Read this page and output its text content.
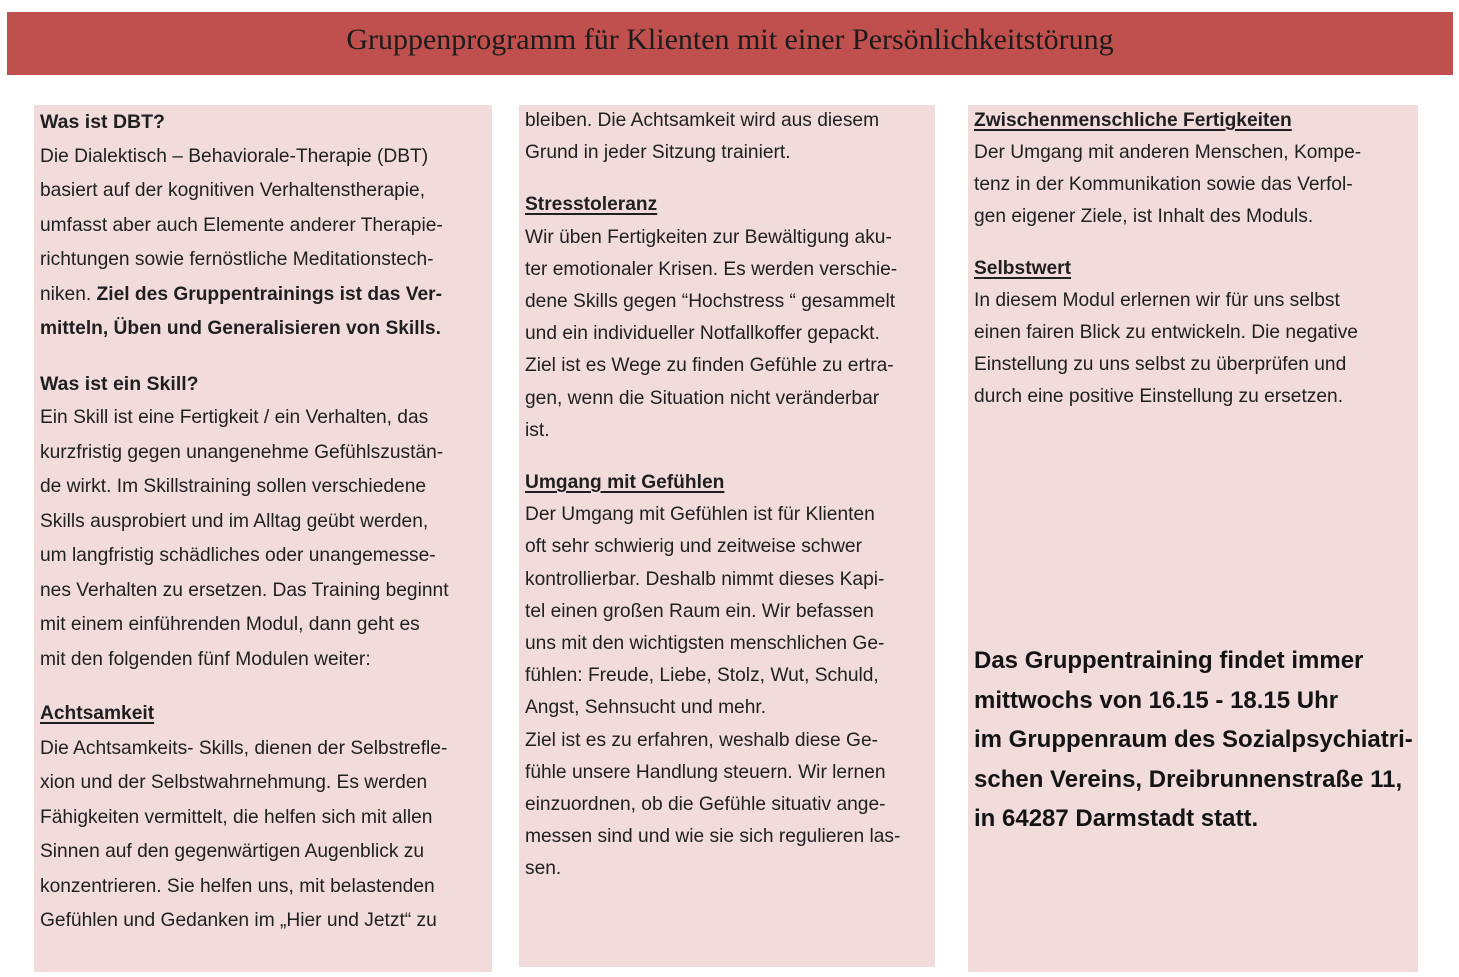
Gruppenprogramm für Klienten mit einer Persönlichkeitstörung

Was ist DBT?

Die Dialektisch – Behaviorale-Therapie (DBT)

basiert auf der kognitiven Verhaltenstherapie,

umfasst aber auch Elemente anderer Therapie-

richtungen sowie fernöstliche Meditationstech-

niken. Ziel des Gruppentrainings ist das Ver-

mitteln, Üben und Generalisieren von Skills.

Was ist ein Skill?

Ein Skill ist eine Fertigkeit / ein Verhalten, das

kurzfristig gegen unangenehme Gefühlszustän-

de wirkt. Im Skillstraining sollen verschiedene

Skills ausprobiert und im Alltag geübt werden,

um langfristig schädliches oder unangemesse-

nes Verhalten zu ersetzen. Das Training beginnt

mit einem einführenden Modul, dann geht es

mit den folgenden fünf Modulen weiter:

Achtsamkeit

Die Achtsamkeits- Skills, dienen der Selbstrefle-

xion und der Selbstwahrnehmung. Es werden

Fähigkeiten vermittelt, die helfen sich mit allen

Sinnen auf den gegenwärtigen Augenblick zu

konzentrieren. Sie helfen uns, mit belastenden

Gefühlen und Gedanken im „Hier und Jetzt“ zu

bleiben. Die Achtsamkeit wird aus diesem

Grund in jeder Sitzung trainiert.

Stresstoleranz

Wir üben Fertigkeiten zur Bewältigung aku-

ter emotionaler Krisen. Es werden verschie-

dene Skills gegen “Hochstress “ gesammelt

und ein individueller Notfallkoffer gepackt.

Ziel ist es Wege zu finden Gefühle zu ertra-

gen, wenn die Situation nicht veränderbar

ist.

Umgang mit Gefühlen

Der Umgang mit Gefühlen ist für Klienten

oft sehr schwierig und zeitweise schwer

kontrollierbar. Deshalb nimmt dieses Kapi-

tel einen großen Raum ein. Wir befassen

uns mit den wichtigsten menschlichen Ge-

fühlen: Freude, Liebe, Stolz, Wut, Schuld,

Angst, Sehnsucht und mehr.

Ziel ist es zu erfahren, weshalb diese Ge-

fühle unsere Handlung steuern. Wir lernen

einzuordnen, ob die Gefühle situativ ange-

messen sind und wie sie sich regulieren las-

sen.

Zwischenmenschliche Fertigkeiten

Der Umgang mit anderen Menschen, Kompe-

tenz in der Kommunikation sowie das Verfol-

gen eigener Ziele, ist Inhalt des Moduls.

Selbstwert

In diesem Modul erlernen wir für uns selbst

einen fairen Blick zu entwickeln. Die negative

Einstellung zu uns selbst zu überprüfen und

durch eine positive Einstellung zu ersetzen.

Das Gruppentraining findet immer
mittwochs von 16.15 - 18.15 Uhr
im Gruppenraum des Sozialpsychiatri-
schen Vereins, Dreibrunnenstraße 11,
in 64287 Darmstadt statt.
